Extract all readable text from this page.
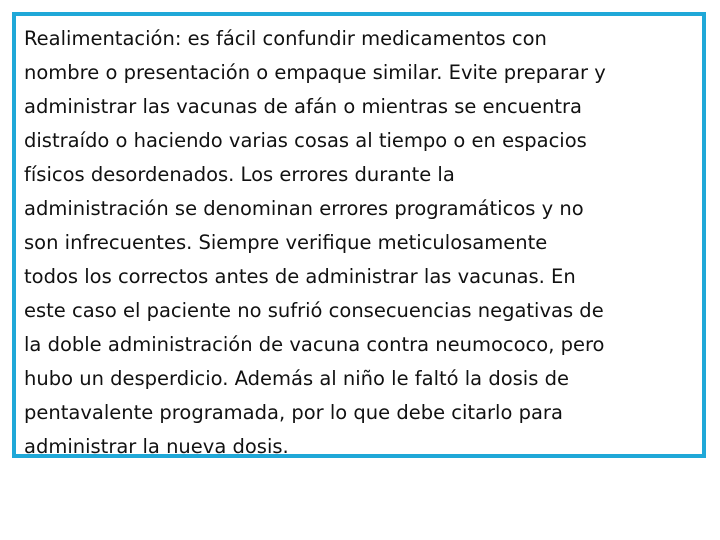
Realimentación: es fácil confundir medicamentos con
nombre o presentación o empaque similar. Evite preparar y
administrar las vacunas de afán o mientras se encuentra
distraído o haciendo varias cosas al tiempo o en espacios
físicos desordenados. Los errores durante la
administración se denominan errores programáticos y no
son infrecuentes. Siempre verifique meticulosamente
todos los correctos antes de administrar las vacunas. En
este caso el paciente no sufrió consecuencias negativas de
la doble administración de vacuna contra neumococo, pero
hubo un desperdicio. Además al niño le faltó la dosis de
pentavalente programada, por lo que debe citarlo para
administrar la nueva dosis.
